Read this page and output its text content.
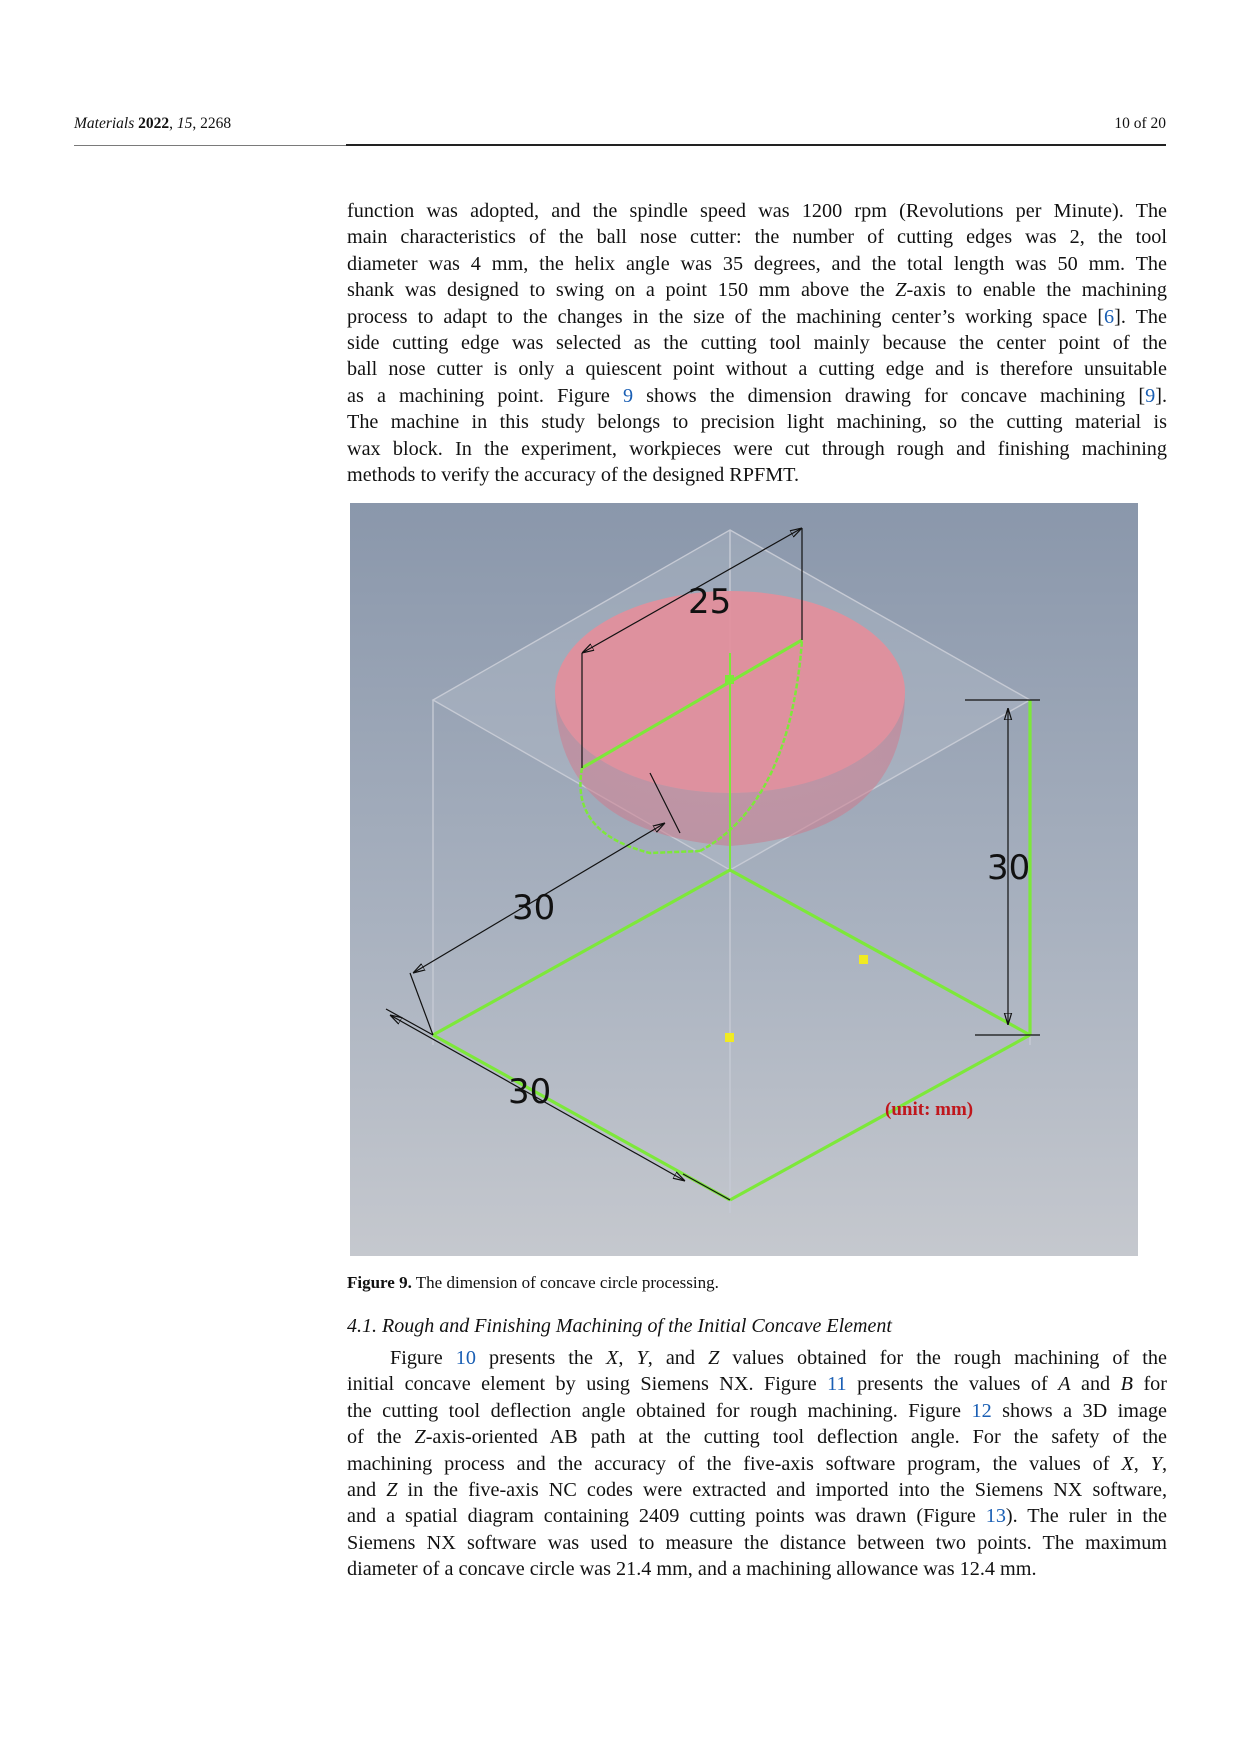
Materials 2022, 15, 2268	10 of 20

function was adopted, and the spindle speed was 1200 rpm (Revolutions per Minute). The
main characteristics of the ball nose cutter: the number of cutting edges was 2, the tool
diameter was 4 mm, the helix angle was 35 degrees, and the total length was 50 mm. The
shank was designed to swing on a point 150 mm above the Z-axis to enable the machining
process to adapt to the changes in the size of the machining center’s working space [6]. The
side cutting edge was selected as the cutting tool mainly because the center point of the
ball nose cutter is only a quiescent point without a cutting edge and is therefore unsuitable
as a machining point. Figure 9 shows the dimension drawing for concave machining [9].
The machine in this study belongs to precision light machining, so the cutting material is
wax block. In the experiment, workpieces were cut through rough and finishing machining
methods to verify the accuracy of the designed RPFMT.

25
30
30
30	(unit: mm)
Figure 9. The dimension of concave circle processing.
4.1. Rough and Finishing Machining of the Initial Concave Element

Figure 10 presents the X, Y, and Z values obtained for the rough machining of the
initial concave element by using Siemens NX. Figure 11 presents the values of A and B for
the cutting tool deflection angle obtained for rough machining. Figure 12 shows a 3D image
of the Z-axis-oriented AB path at the cutting tool deflection angle. For the safety of the
machining process and the accuracy of the five-axis software program, the values of X, Y,
and Z in the five-axis NC codes were extracted and imported into the Siemens NX software,
and a spatial diagram containing 2409 cutting points was drawn (Figure 13). The ruler in the
Siemens NX software was used to measure the distance between two points. The maximum
diameter of a concave circle was 21.4 mm, and a machining allowance was 12.4 mm.
